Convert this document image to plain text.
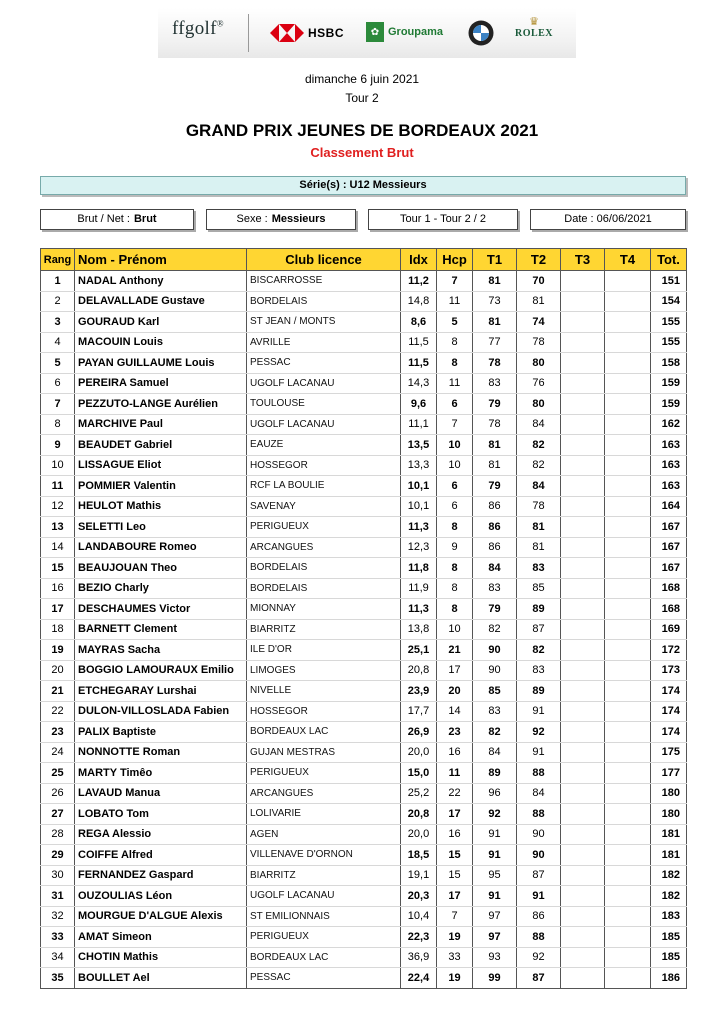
ffgolf®
HSBC	✿ Groupama
♛
ROLEX
dimanche 6 juin 2021
Tour 2
GRAND PRIX JEUNES DE BORDEAUX 2021
Classement Brut
Série(s) : U12 Messieurs
Brut / Net : Brut	Sexe : Messieurs	Tour 1 - Tour 2 / 2	Date : 06/06/2021
Rang	Nom - Prénom	Club licence	Idx	Hcp	T1	T2	T3	T4	Tot.
1	NADAL Anthony	BISCARROSSE	11,2	7	81	70			151
2	DELAVALLADE Gustave	BORDELAIS	14,8	11	73	81			154
3	GOURAUD Karl	ST JEAN / MONTS	8,6	5	81	74			155
4	MACOUIN Louis	AVRILLE	11,5	8	77	78			155
5	PAYAN GUILLAUME Louis	PESSAC	11,5	8	78	80			158
6	PEREIRA Samuel	UGOLF LACANAU	14,3	11	83	76			159
7	PEZZUTO-LANGE Aurélien	TOULOUSE	9,6	6	79	80			159
8	MARCHIVE Paul	UGOLF LACANAU	11,1	7	78	84			162
9	BEAUDET Gabriel	EAUZE	13,5	10	81	82			163
10	LISSAGUE Eliot	HOSSEGOR	13,3	10	81	82			163
11	POMMIER Valentin	RCF LA BOULIE	10,1	6	79	84			163
12	HEULOT Mathis	SAVENAY	10,1	6	86	78			164
13	SELETTI Leo	PERIGUEUX	11,3	8	86	81			167
14	LANDABOURE Romeo	ARCANGUES	12,3	9	86	81			167
15	BEAUJOUAN Theo	BORDELAIS	11,8	8	84	83			167
16	BEZIO Charly	BORDELAIS	11,9	8	83	85			168
17	DESCHAUMES Victor	MIONNAY	11,3	8	79	89			168
18	BARNETT Clement	BIARRITZ	13,8	10	82	87			169
19	MAYRAS Sacha	ILE D'OR	25,1	21	90	82			172
20	BOGGIO LAMOURAUX Emilio	LIMOGES	20,8	17	90	83			173
21	ETCHEGARAY Lurshai	NIVELLE	23,9	20	85	89			174
22	DULON-VILLOSLADA Fabien	HOSSEGOR	17,7	14	83	91			174
23	PALIX Baptiste	BORDEAUX LAC	26,9	23	82	92			174
24	NONNOTTE Roman	GUJAN MESTRAS	20,0	16	84	91			175
25	MARTY Timêo	PERIGUEUX	15,0	11	89	88			177
26	LAVAUD Manua	ARCANGUES	25,2	22	96	84			180
27	LOBATO Tom	LOLIVARIE	20,8	17	92	88			180
28	REGA Alessio	AGEN	20,0	16	91	90			181
29	COIFFE Alfred	VILLENAVE D'ORNON	18,5	15	91	90			181
30	FERNANDEZ Gaspard	BIARRITZ	19,1	15	95	87			182
31	OUZOULIAS Léon	UGOLF LACANAU	20,3	17	91	91			182
32	MOURGUE D'ALGUE Alexis	ST EMILIONNAIS	10,4	7	97	86			183
33	AMAT Simeon	PERIGUEUX	22,3	19	97	88			185
34	CHOTIN Mathis	BORDEAUX LAC	36,9	33	93	92			185
35	BOULLET Ael	PESSAC	22,4	19	99	87			186
